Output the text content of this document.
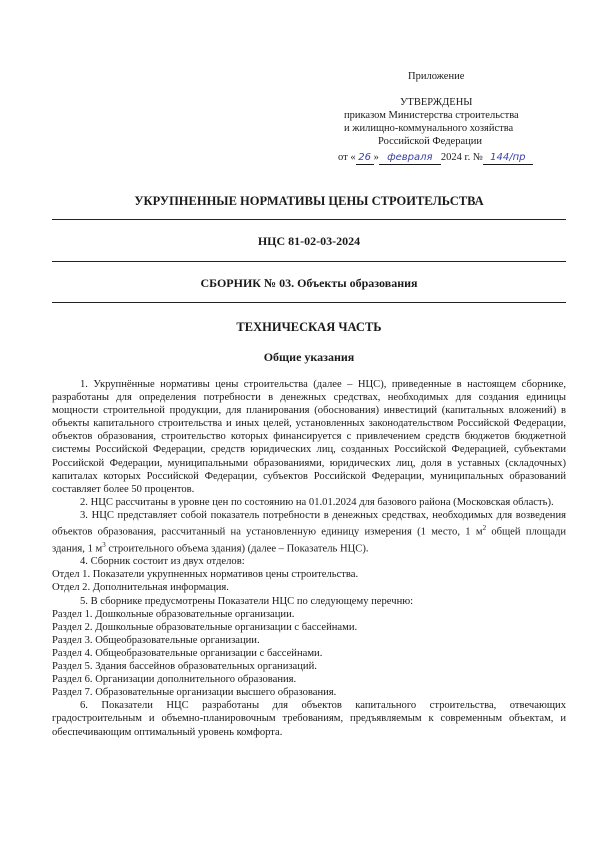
Приложение
УТВЕРЖДЕНЫ
приказом Министерства строительства
и жилищно-коммунального хозяйства
Российской Федерации
от « 26 » февраля 2024 г. № 144/пр
УКРУПНЕННЫЕ НОРМАТИВЫ ЦЕНЫ СТРОИТЕЛЬСТВА
НЦС 81-02-03-2024
СБОРНИК № 03. Объекты образования
ТЕХНИЧЕСКАЯ ЧАСТЬ
Общие указания

1. Укрупнённые нормативы цены строительства (далее – НЦС), приведенные в настоящем сборнике, разработаны для определения потребности в денежных средствах, необходимых для создания единицы мощности строительной продукции, для планирования (обоснования) инвестиций (капитальных вложений) в объекты капитального строительства и иных целей, установленных законодательством Российской Федерации, объектов образования, строительство которых финансируется с привлечением средств бюджетов бюджетной системы Российской Федерации, средств юридических лиц, созданных Российской Федерацией, субъектами Российской Федерации, муниципальными образованиями, юридических лиц, доля в уставных (складочных) капиталах которых Российской Федерации, субъектов Российской Федерации, муниципальных образований составляет более 50 процентов.

2. НЦС рассчитаны в уровне цен по состоянию на 01.01.2024 для базового района (Московская область).

3. НЦС представляет собой показатель потребности в денежных средствах, необходимых для возведения объектов образования, рассчитанный на установленную единицу измерения (1 место, 1 $м^2$ общей площади здания, 1 $м^3$ строительного объема здания) (далее – Показатель НЦС).

4. Сборник состоит из двух отделов:

Отдел 1. Показатели укрупненных нормативов цены строительства.

Отдел 2. Дополнительная информация.

5. В сборнике предусмотрены Показатели НЦС по следующему перечню:

Раздел 1. Дошкольные образовательные организации.

Раздел 2. Дошкольные образовательные организации с бассейнами.

Раздел 3. Общеобразовательные организации.

Раздел 4. Общеобразовательные организации с бассейнами.

Раздел 5. Здания бассейнов образовательных организаций.

Раздел 6. Организации дополнительного образования.

Раздел 7. Образовательные организации высшего образования.

6. Показатели НЦС разработаны для объектов капитального строительства, отвечающих градостроительным и объемно-планировочным требованиям, предъявляемым к современным объектам, и обеспечивающим оптимальный уровень комфорта.
